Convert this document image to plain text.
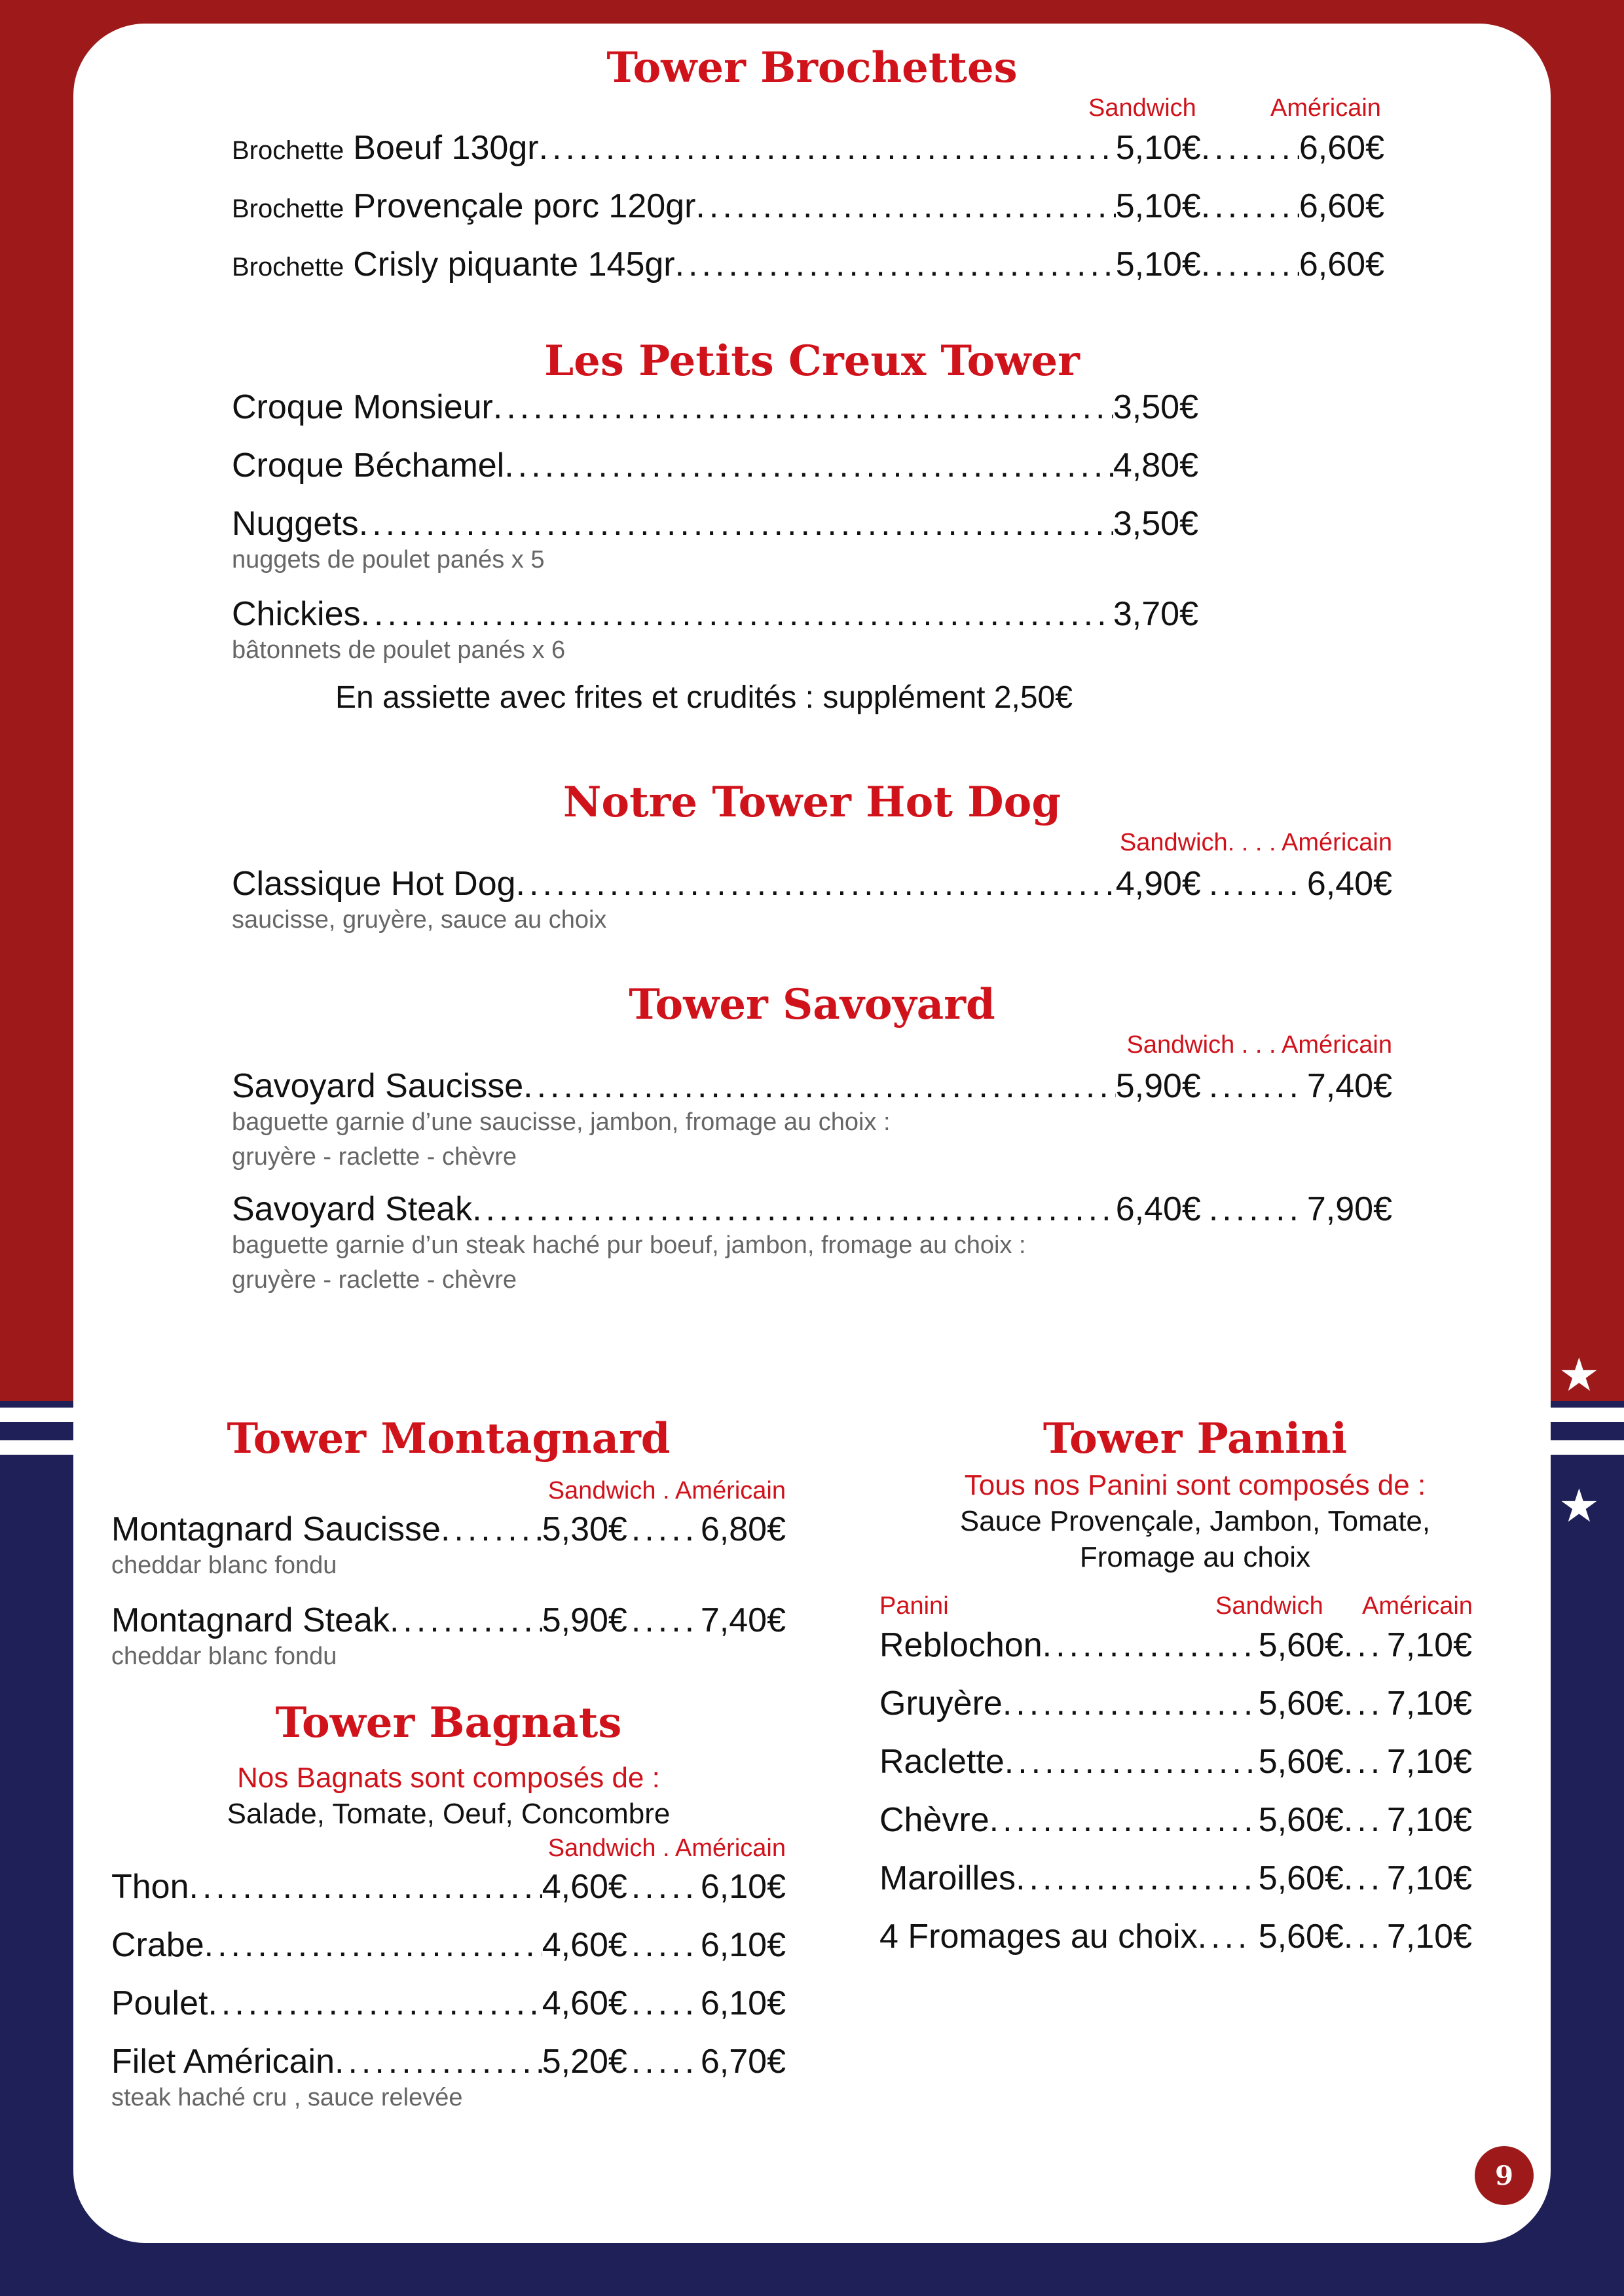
★
★
Tower Brochettes
Sandwich	Américain
Brochette Boeuf 130gr .....	5,10€ .....	6,60€
Brochette Provençale porc 120gr .....	5,10€ .....	6,60€
Brochette Crisly piquante 145gr .....	5,10€ .....	6,60€
Les Petits Creux Tower
Croque Monsieur .....	3,50€
Croque Béchamel .....	4,80€
Nuggets .....	3,50€
nuggets de poulet panés x 5
Chickies .....	3,70€
bâtonnets de poulet panés x 6
En assiette avec frites et crudités : supplément 2,50€
Notre Tower Hot Dog
Sandwich. . . . Américain
Classique Hot Dog .....	4,90€ .....	6,40€
saucisse, gruyère, sauce au choix
Tower Savoyard
Sandwich . . . Américain
Savoyard Saucisse .....	5,90€ .....	7,40€
baguette garnie d’une saucisse, jambon, fromage au choix :
gruyère - raclette - chèvre
Savoyard Steak .....	6,40€ .....	7,90€
baguette garnie d’un steak haché pur boeuf, jambon, fromage au choix :
gruyère - raclette - chèvre
Tower Montagnard
Sandwich . Américain
Montagnard Saucisse .....	5,30€ ..... 6,80€
cheddar blanc fondu
Montagnard Steak .....	5,90€ ..... 7,40€
cheddar blanc fondu
Tower Bagnats
Nos Bagnats sont composés de :
Salade, Tomate, Oeuf, Concombre
Sandwich . Américain
Thon .....	4,60€ ..... 6,10€
Crabe .....	4,60€ ..... 6,10€
Poulet .....	4,60€ ..... 6,10€
Filet Américain .....	5,20€ ..... 6,70€
steak haché cru , sauce relevée
Tower Panini
Tous nos Panini sont composés de :
Sauce Provençale, Jambon, Tomate,
Fromage au choix
Panini	Sandwich Américain
Reblochon .....	5,60€ ..... 7,10€
Gruyère .....	5,60€ ..... 7,10€
Raclette .....	5,60€ ..... 7,10€
Chèvre .....	5,60€ ..... 7,10€
Maroilles .....	5,60€ ..... 7,10€
4 Fromages au choix ..... 5,60€ ..... 7,10€
9
